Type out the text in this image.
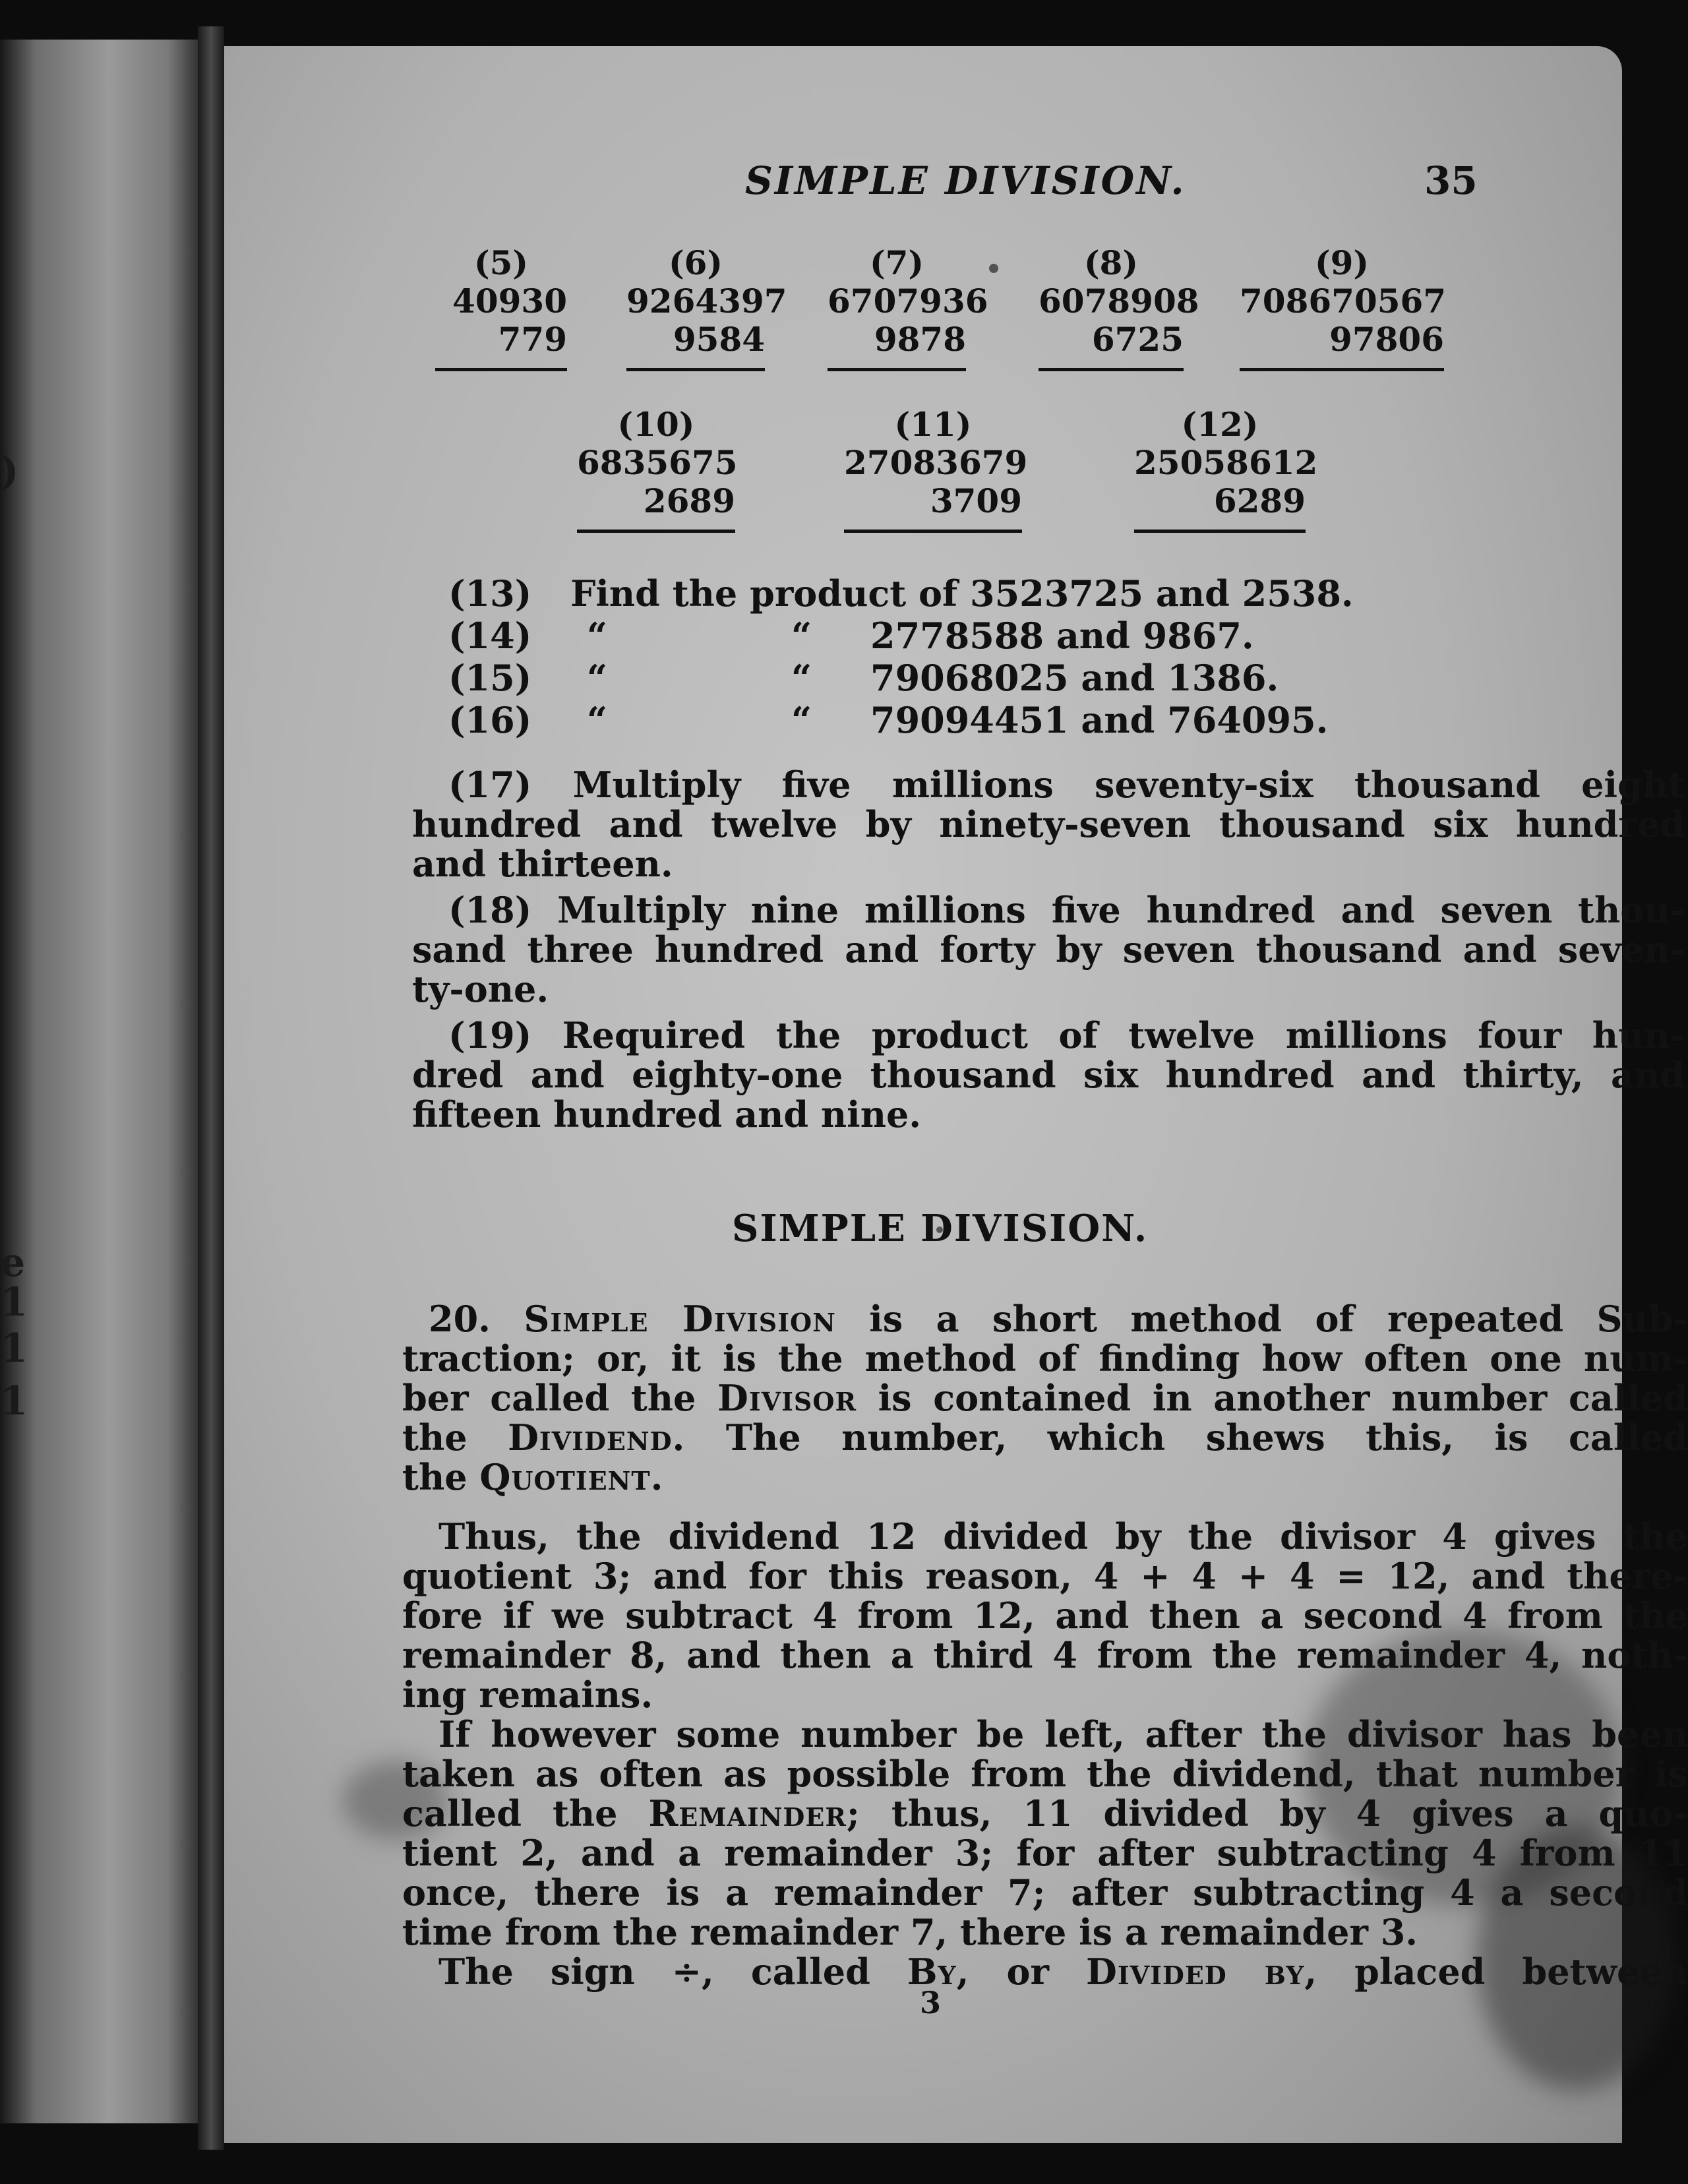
)
e
1
1
1
SIMPLE DIVISION.	35
(5)
40930
779
(6)
9264397
9584
(7)
6707936
9878
(8)
6078908
6725
(9)
708670567
97806
(10)
6835675
2689
(11)
27083679
3709
(12)
25058612
6289
(13) Find the product of 3523725 and 2538.
(14) “	“ 2778588 and 9867.
(15) “	“ 79068025 and 1386.
(16) “	“ 79094451 and 764095.
(17) Multiply five millions seventy-six thousand eight
hundred and twelve by ninety-seven thousand six hundred
and thirteen.
(18) Multiply nine millions five hundred and seven thou-
sand three hundred and forty by seven thousand and seven-
ty-one.
(19) Required the product of twelve millions four hun-
dred and eighty-one thousand six hundred and thirty, and
fifteen hundred and nine.
SIMPLE DIVISION.
20. Simple Division is a short method of repeated Sub-
traction; or, it is the method of finding how often one num-
ber called the Divisor is contained in another number called
the Dividend. The number, which shews this, is called
the Quotient.
Thus, the dividend 12 divided by the divisor 4 gives the
quotient 3; and for this reason, 4 + 4 + 4 = 12, and there-
fore if we subtract 4 from 12, and then a second 4 from the
remainder 8, and then a third 4 from the remainder 4, noth-
ing remains.
If however some number be left, after the divisor has been
taken as often as possible from the dividend, that number is
called the Remainder; thus, 11 divided by 4 gives a quo-
tient 2, and a remainder 3; for after subtracting 4 from 11
once, there is a remainder 7; after subtracting 4 a second
time from the remainder 7, there is a remainder 3.
The sign ÷, called By, or Divided by, placed between
3
